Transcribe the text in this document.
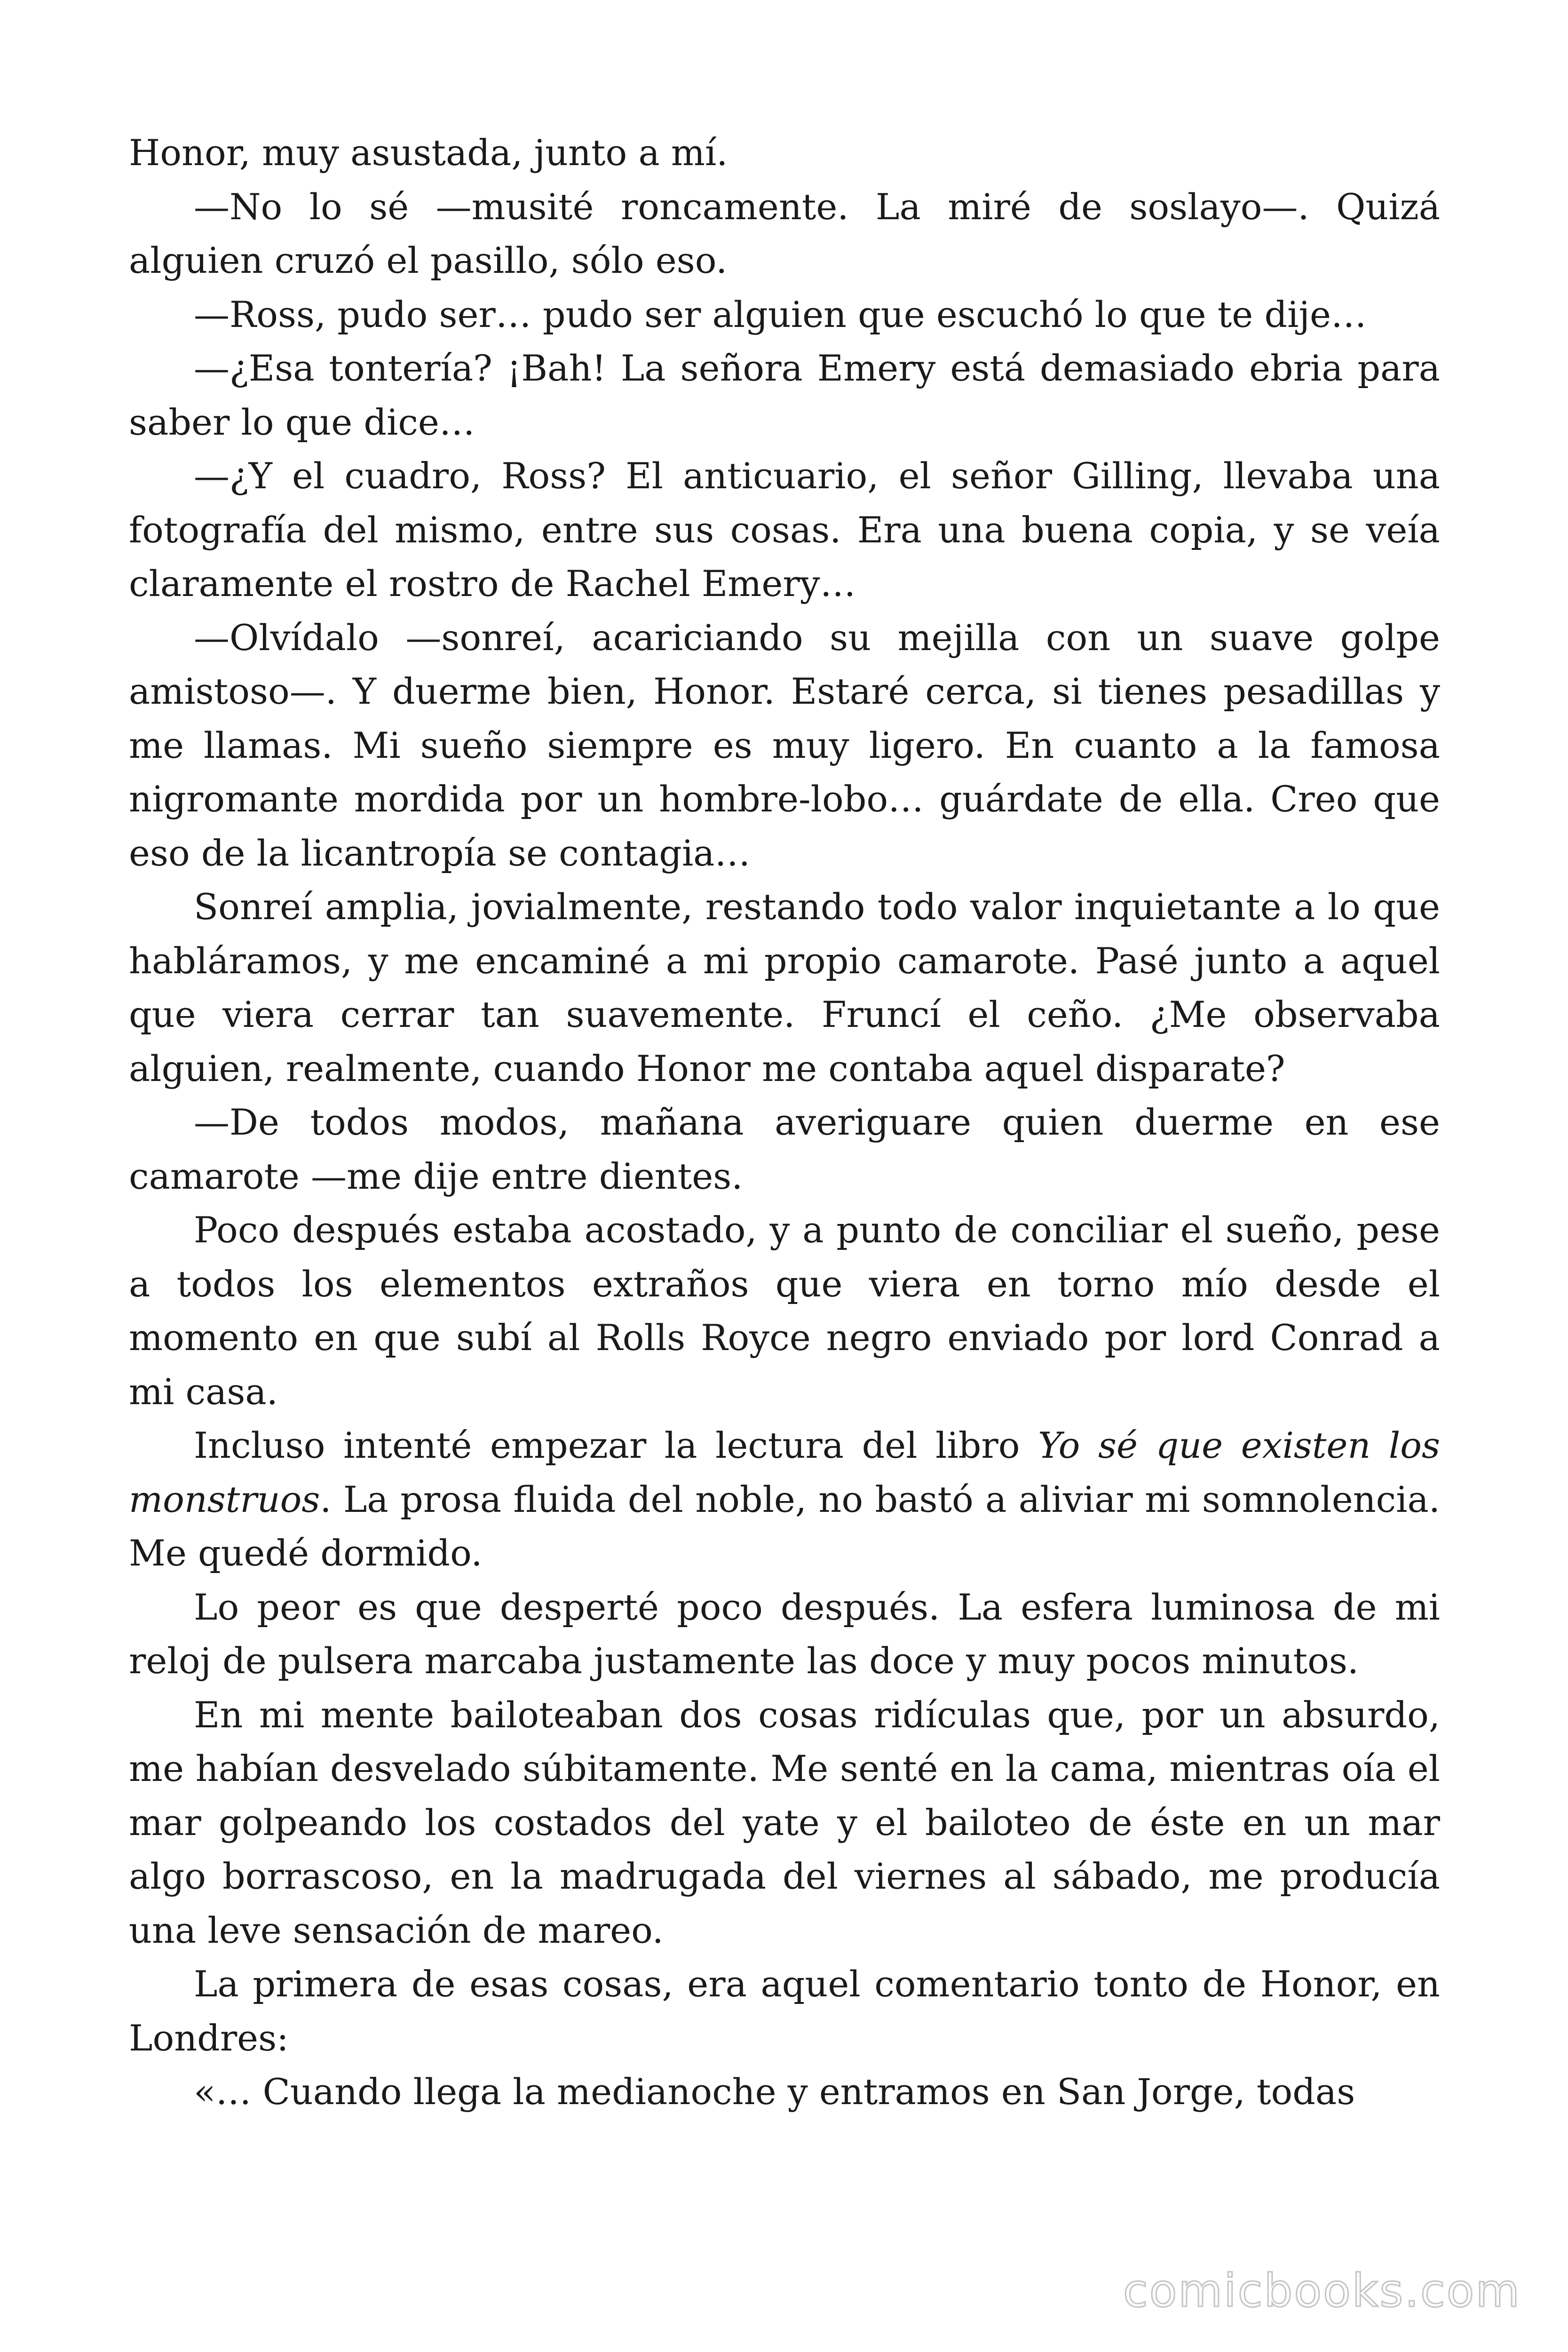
Honor, muy asustada, junto a mí.

—No lo sé —musité roncamente. La miré de soslayo—. Quizá alguien cruzó el pasillo, sólo eso.

—Ross, pudo ser… pudo ser alguien que escuchó lo que te dije…

—¿Esa tontería? ¡Bah! La señora Emery está demasiado ebria para saber lo que dice…

—¿Y el cuadro, Ross? El anticuario, el señor Gilling, llevaba una fotografía del mismo, entre sus cosas. Era una buena copia, y se veía claramente el rostro de Rachel Emery…

—Olvídalo —sonreí, acariciando su mejilla con un suave golpe amistoso—. Y duerme bien, Honor. Estaré cerca, si tienes pesadillas y me llamas. Mi sueño siempre es muy ligero. En cuanto a la famosa nigromante mordida por un hombre-lobo… guárdate de ella. Creo que eso de la licantropía se contagia…

Sonreí amplia, jovialmente, restando todo valor inquietante a lo que habláramos, y me encaminé a mi propio camarote. Pasé junto a aquel que viera cerrar tan suavemente. Fruncí el ceño. ¿Me observaba alguien, realmente, cuando Honor me contaba aquel disparate?

—De todos modos, mañana averiguare quien duerme en ese camarote —me dije entre dientes.

Poco después estaba acostado, y a punto de conciliar el sueño, pese a todos los elementos extraños que viera en torno mío desde el momento en que subí al Rolls Royce negro enviado por lord Conrad a mi casa.

Incluso intenté empezar la lectura del libro Yo sé que existen los monstruos. La prosa fluida del noble, no bastó a aliviar mi somnolencia. Me quedé dormido.

Lo peor es que desperté poco después. La esfera luminosa de mi reloj de pulsera marcaba justamente las doce y muy pocos minutos.

En mi mente bailoteaban dos cosas ridículas que, por un absurdo, me habían desvelado súbitamente. Me senté en la cama, mientras oía el mar golpeando los costados del yate y el bailoteo de éste en un mar algo borrascoso, en la madrugada del viernes al sábado, me producía una leve sensación de mareo.

La primera de esas cosas, era aquel comentario tonto de Honor, en Londres:

«… Cuando llega la medianoche y entramos en San Jorge, todas

comicbooks.com
